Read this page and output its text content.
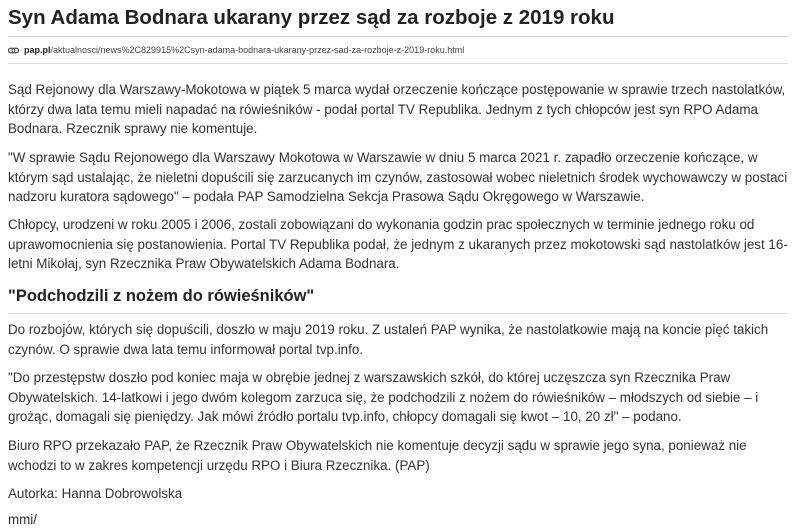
Syn Adama Bodnara ukarany przez sąd za rozboje z 2019 roku
pap.pl /aktualnosci/news%2C829915%2Csyn-adama-bodnara-ukarany-przez-sad-za-rozboje-z-2019-roku.html

Sąd Rejonowy dla Warszawy-Mokotowa w piątek 5 marca wydał orzeczenie kończące postępowanie w sprawie trzech nastolatków, którzy dwa lata temu mieli napadać na rówieśników - podał portal TV Republika. Jednym z tych chłopców jest syn RPO Adama Bodnara. Rzecznik sprawy nie komentuje.

"W sprawie Sądu Rejonowego dla Warszawy Mokotowa w Warszawie w dniu 5 marca 2021 r. zapadło orzeczenie kończące, w którym sąd ustalając, że nieletni dopuścili się zarzucanych im czynów, zastosował wobec nieletnich środek wychowawczy w postaci nadzoru kuratora sądowego" – podała PAP Samodzielna Sekcja Prasowa Sądu Okręgowego w Warszawie.

Chłopcy, urodzeni w roku 2005 i 2006, zostali zobowiązani do wykonania godzin prac społecznych w terminie jednego roku od uprawomocnienia się postanowienia. Portal TV Republika podał, że jednym z ukaranych przez mokotowski sąd nastolatków jest 16-letni Mikołaj, syn Rzecznika Praw Obywatelskich Adama Bodnara.

"Podchodzili z nożem do rówieśników"

Do rozbojów, których się dopuścili, doszło w maju 2019 roku. Z ustaleń PAP wynika, że nastolatkowie mają na koncie pięć takich czynów. O sprawie dwa lata temu informował portal tvp.info.

"Do przestępstw doszło pod koniec maja w obrębie jednej z warszawskich szkół, do której uczęszcza syn Rzecznika Praw Obywatelskich. 14-latkowi i jego dwóm kolegom zarzuca się, że podchodzili z nożem do rówieśników – młodszych od siebie – i grożąc, domagali się pieniędzy. Jak mówi źródło portalu tvp.info, chłopcy domagali się kwot – 10, 20 zł" – podano.

Biuro RPO przekazało PAP, że Rzecznik Praw Obywatelskich nie komentuje decyzji sądu w sprawie jego syna, ponieważ nie wchodzi to w zakres kompetencji urzędu RPO i Biura Rzecznika. (PAP)

Autorka: Hanna Dobrowolska

mmi/
